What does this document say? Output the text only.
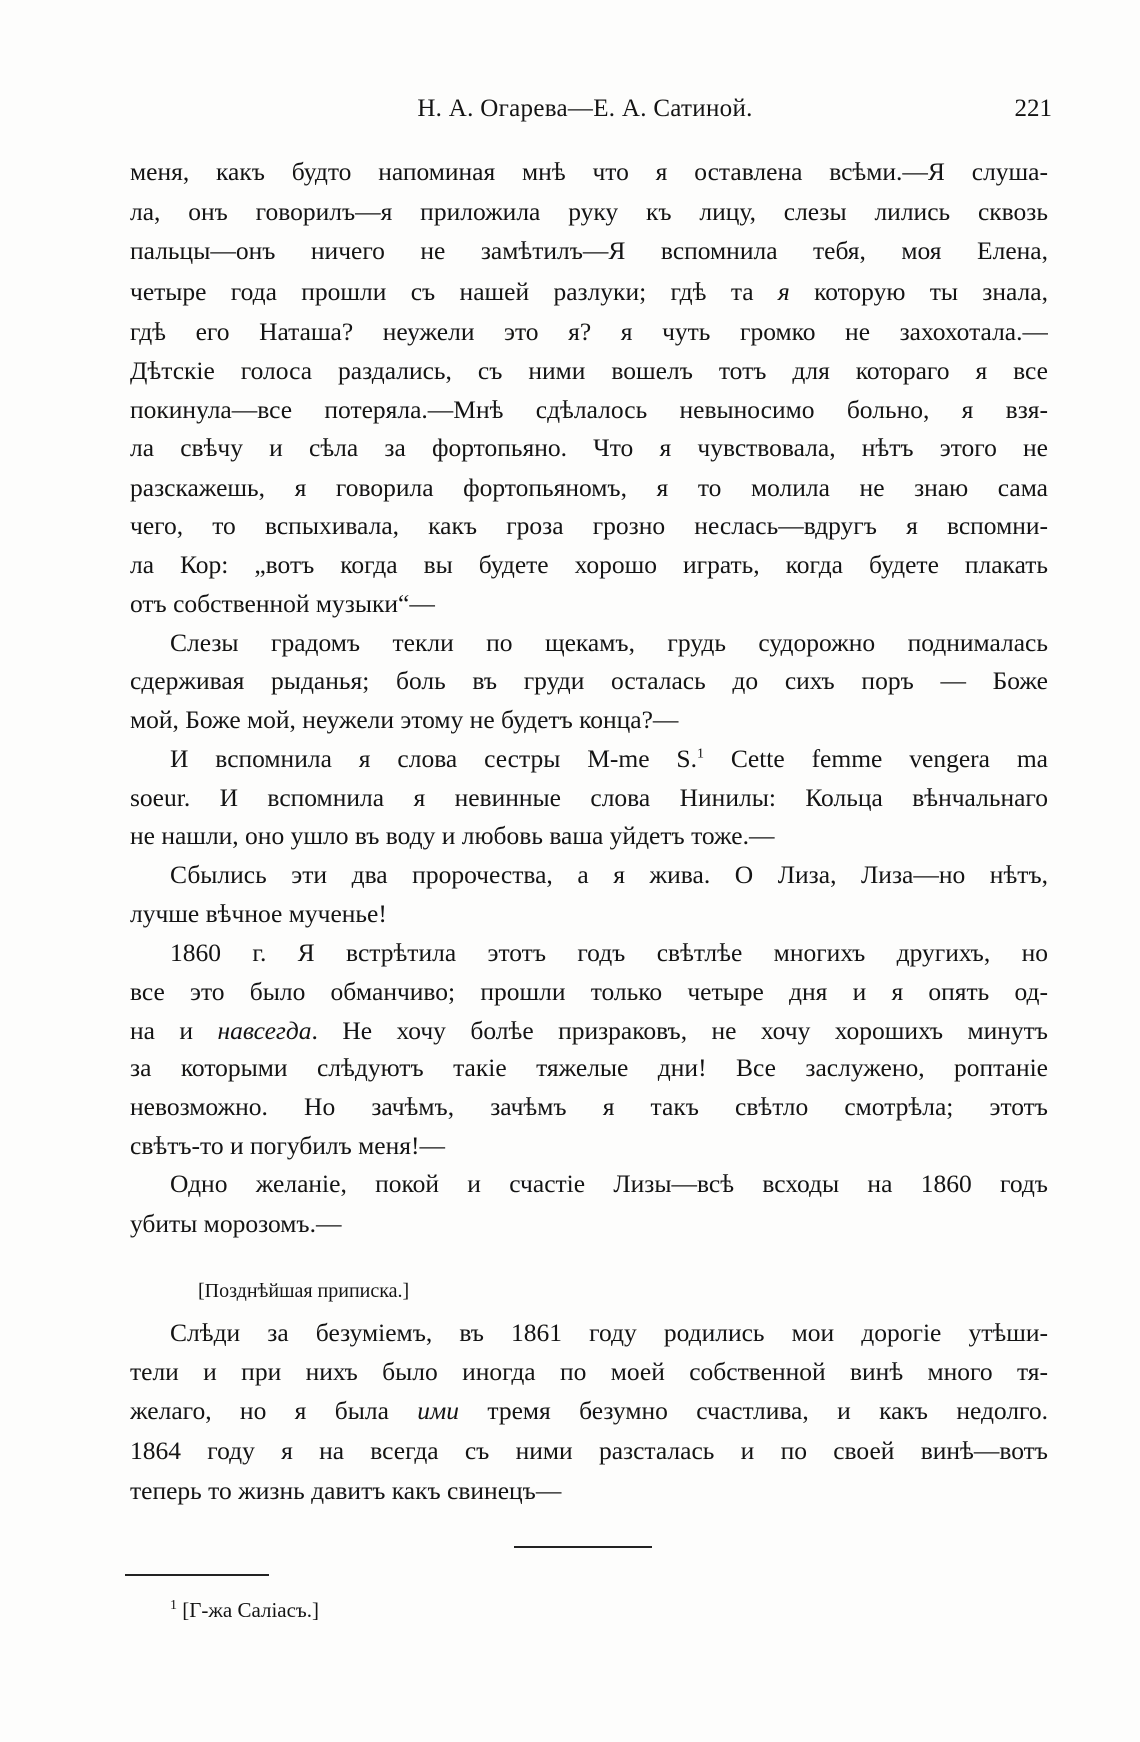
Н. А. Огарева—Е. А. Сатиной.	221
меня, какъ будто напоминая мнѣ что я оставлена всѣми.—Я слуша-
ла, онъ говорилъ—я приложила руку къ лицу, слезы лились сквозь
пальцы—онъ ничего не замѣтилъ—Я вспомнила тебя, моя Елена,
четыре года прошли съ нашей разлуки; гдѣ та я которую ты знала,
гдѣ его Наташа? неужели это я? я чуть громко не захохотала.—
Дѣтскіе голоса раздались, съ ними вошелъ тотъ для котораго я все
покинула—все потеряла.—Мнѣ сдѣлалось невыносимо больно, я взя-
ла свѣчу и сѣла за фортопьяно. Что я чувствовала, нѣтъ этого не
разскажешь, я говорила фортопьяномъ, я то молила не знаю сама
чего, то вспыхивала, какъ гроза грозно неслась—вдругъ я вспомни-
ла Кор: „вотъ когда вы будете хорошо играть, когда будете плакать
отъ собственной музыки“—
Слезы градомъ текли по щекамъ, грудь судорожно поднималась
сдерживая рыданья; боль въ груди осталась до сихъ поръ — Боже
мой, Боже мой, неужели этому не будетъ конца?—
И вспомнила я слова сестры M-me S.$^1$ Cette femme vengera ma
soeur. И вспомнила я невинные слова Нинилы: Кольца вѣнчальнаго
не нашли, оно ушло въ воду и любовь ваша уйдетъ тоже.—
Сбылись эти два пророчества, а я жива. О Лиза, Лиза—но нѣтъ,
лучше вѣчное мученье!
1860 г. Я встрѣтила этотъ годъ свѣтлѣе многихъ другихъ, но
все это было обманчиво; прошли только четыре дня и я опять од-
на и навсегда. Не хочу болѣе призраковъ, не хочу хорошихъ минутъ
за которыми слѣдуютъ такіе тяжелые дни! Все заслужено, роптаніе
невозможно. Но зачѣмъ, зачѣмъ я такъ свѣтло смотрѣла; этотъ
свѣтъ-то и погубилъ меня!—
Одно желаніе, покой и счастіе Лизы—всѣ всходы на 1860 годъ
убиты морозомъ.—
[Позднѣйшая приписка.]
Слѣди за безуміемъ, въ 1861 году родились мои дорогіе утѣши-
тели и при нихъ было иногда по моей собственной винѣ много тя-
желаго, но я была ими тремя безумно счастлива, и какъ недолго.
1864 году я на всегда съ ними разсталась и по своей винѣ—вотъ
теперь то жизнь давитъ какъ свинецъ—
$^1$ [Г-жа Саліасъ.]
